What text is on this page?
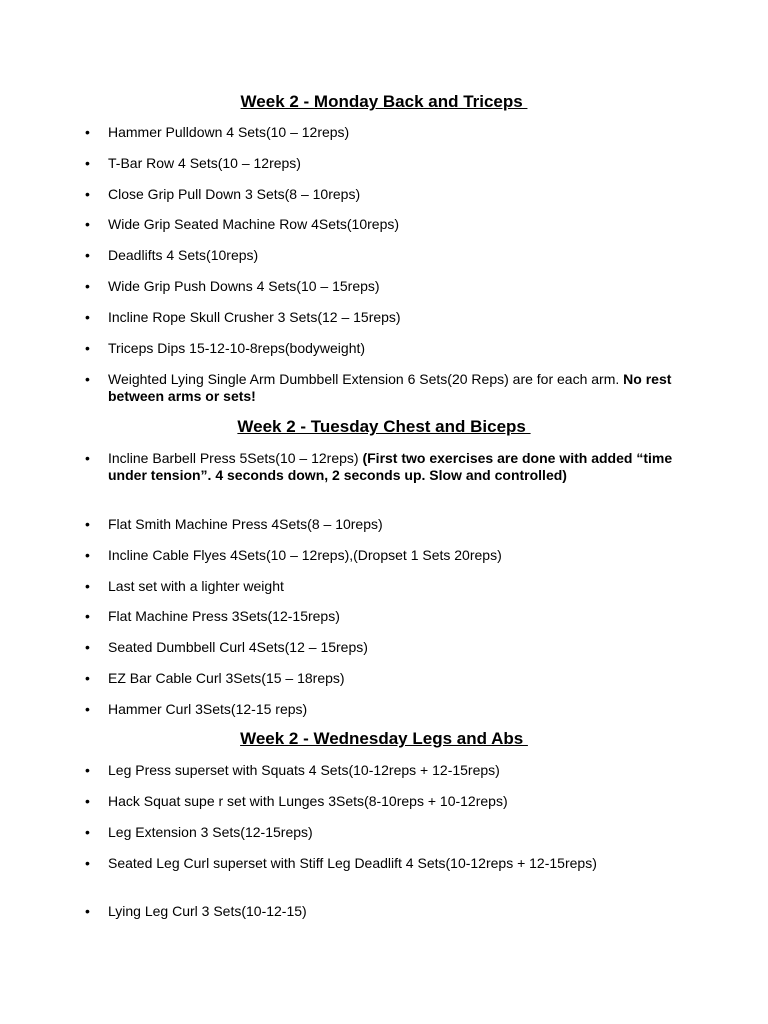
Week 2 - Monday Back and Triceps
• Hammer Pulldown 4 Sets(10 – 12reps)
• T-Bar Row 4 Sets(10 – 12reps)
• Close Grip Pull Down 3 Sets(8 – 10reps)
• Wide Grip Seated Machine Row 4Sets(10reps)
• Deadlifts 4 Sets(10reps)
• Wide Grip Push Downs 4 Sets(10 – 15reps)
• Incline Rope Skull Crusher 3 Sets(12 – 15reps)
• Triceps Dips 15-12-10-8reps(bodyweight)
• Weighted Lying Single Arm Dumbbell Extension 6 Sets(20 Reps) are for each arm. No rest between arms or sets!
Week 2 - Tuesday Chest and Biceps
• Incline Barbell Press 5Sets(10 – 12reps) (First two exercises are done with added “time under tension”. 4 seconds down, 2 seconds up. Slow and controlled)
• Flat Smith Machine Press 4Sets(8 – 10reps)
• Incline Cable Flyes 4Sets(10 – 12reps),(Dropset 1 Sets 20reps)
• Last set with a lighter weight
• Flat Machine Press 3Sets(12-15reps)
• Seated Dumbbell Curl 4Sets(12 – 15reps)
• EZ Bar Cable Curl 3Sets(15 – 18reps)
• Hammer Curl 3Sets(12-15 reps)
Week 2 - Wednesday Legs and Abs
• Leg Press superset with Squats 4 Sets(10-12reps + 12-15reps)
• Hack Squat supe r set with Lunges 3Sets(8-10reps + 10-12reps)
• Leg Extension 3 Sets(12-15reps)
• Seated Leg Curl superset with Stiff Leg Deadlift 4 Sets(10-12reps + 12-15reps)
• Lying Leg Curl 3 Sets(10-12-15)
